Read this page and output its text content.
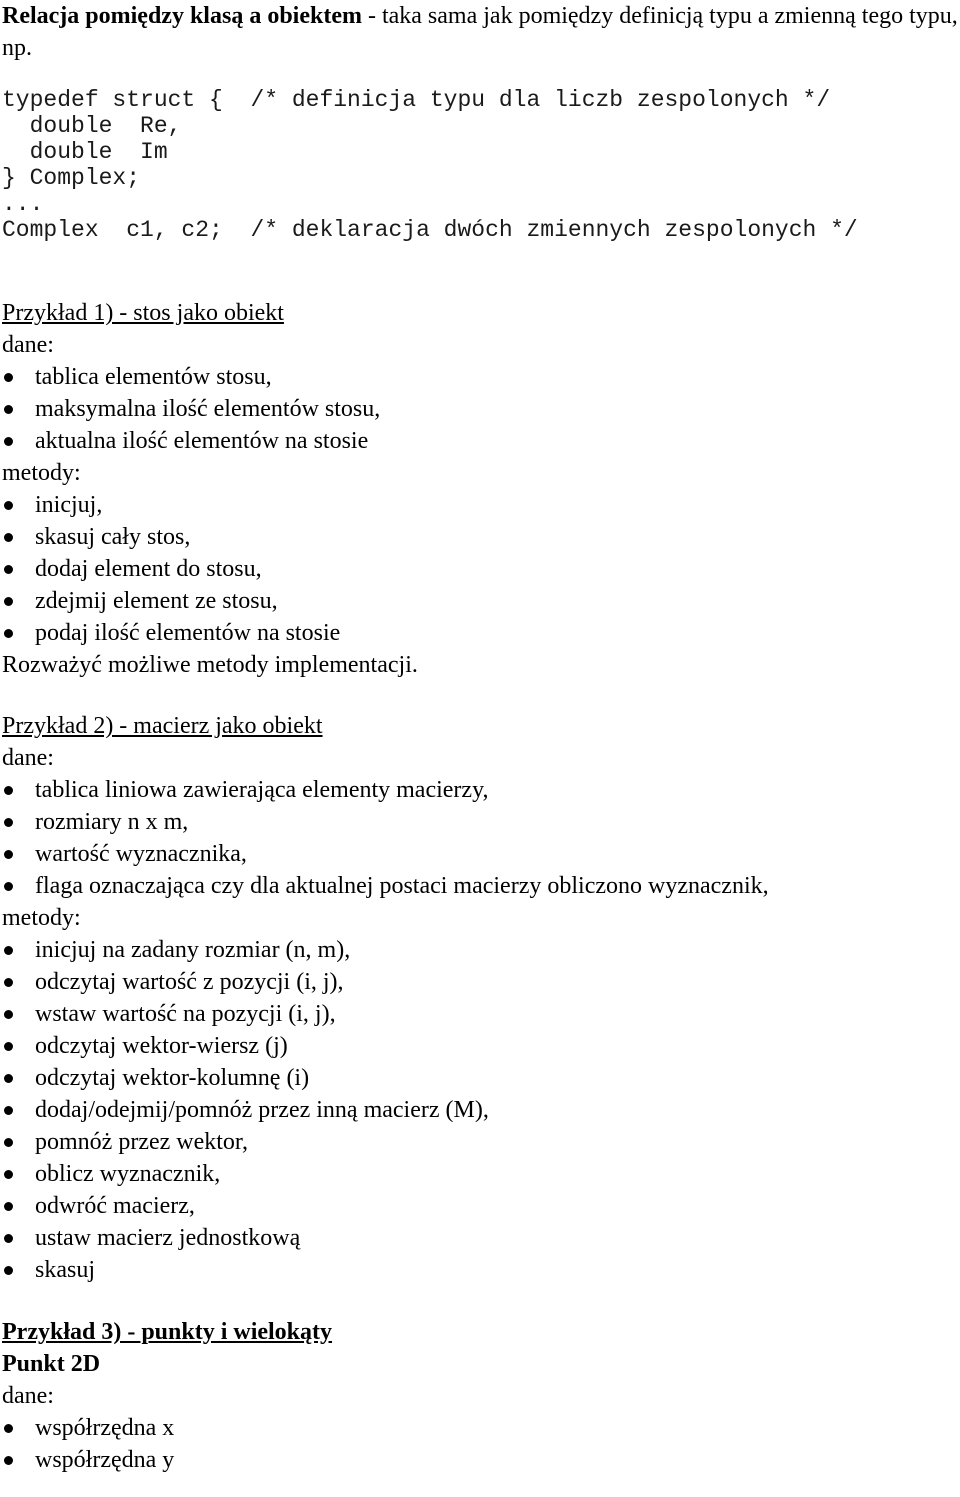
Relacja pomiędzy klasą a obiektem - taka sama jak pomiędzy definicją typu a zmienną tego typu, np.

typedef struct {  /* definicja typu dla liczb zespolonych */
double  Re,
double  Im
} Complex;
...
Complex  c1, c2;  /* deklaracja dwóch zmiennych zespolonych */
Przykład 1) - stos jako obiekt
dane:
tablica elementów stosu,
maksymalna ilość elementów stosu,
aktualna ilość elementów na stosie
metody:
inicjuj,
skasuj cały stos,
dodaj element do stosu,
zdejmij element ze stosu,
podaj ilość elementów na stosie
Rozważyć możliwe metody implementacji.
Przykład 2) - macierz jako obiekt
dane:
tablica liniowa zawierająca elementy macierzy,
rozmiary n x m,
wartość wyznacznika,
flaga oznaczająca czy dla aktualnej postaci macierzy obliczono wyznacznik,
metody:
inicjuj na zadany rozmiar (n, m),
odczytaj wartość z pozycji (i, j),
wstaw wartość na pozycji (i, j),
odczytaj wektor-wiersz (j)
odczytaj wektor-kolumnę (i)
dodaj/odejmij/pomnóż przez inną macierz (M),
pomnóż przez wektor,
oblicz wyznacznik,
odwróć macierz,
ustaw macierz jednostkową
skasuj
Przykład 3) - punkty i wielokąty
Punkt 2D
dane:
współrzędna x
współrzędna y
